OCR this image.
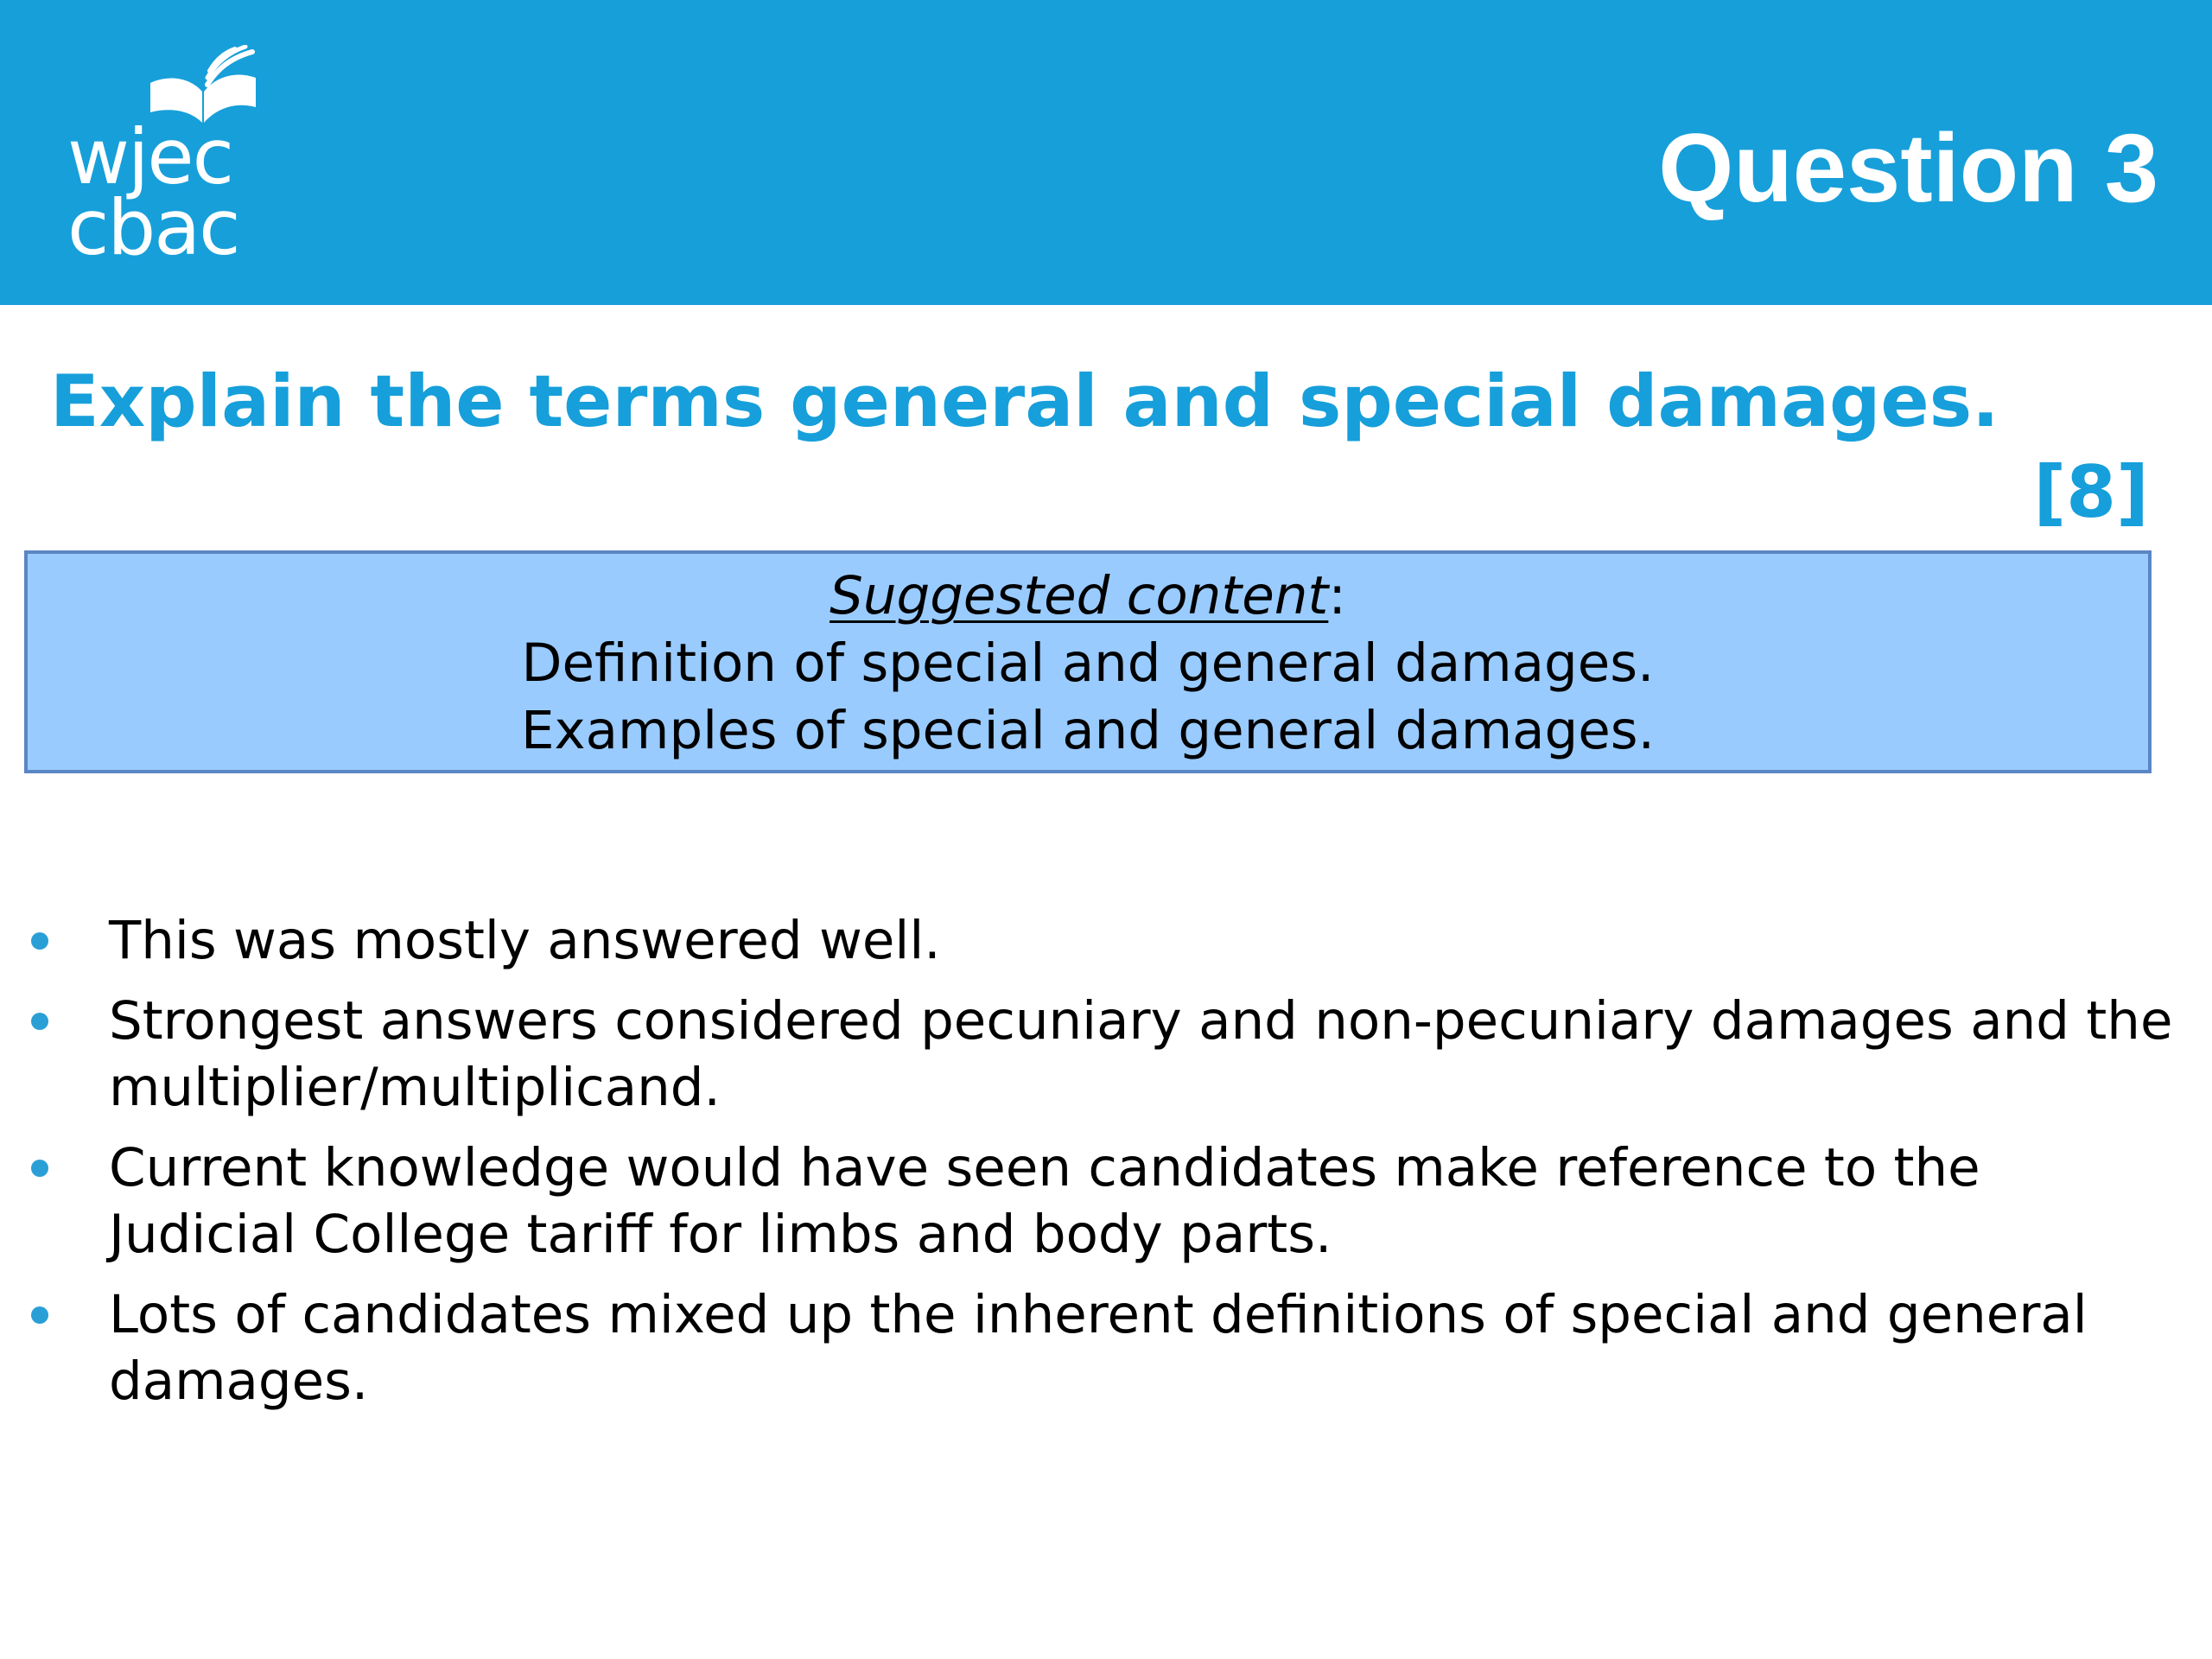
wjec
cbac
Question 3
Explain the terms general and special damages.
[8]
Suggested content:
Definition of special and general damages.
Examples of special and general damages.
This was mostly answered well.
Strongest answers considered pecuniary and non-pecuniary damages and the multiplier/multiplicand.
Current knowledge would have seen candidates make reference to the Judicial College tariff for limbs and body parts.
Lots of candidates mixed up the inherent definitions of special and general damages.
